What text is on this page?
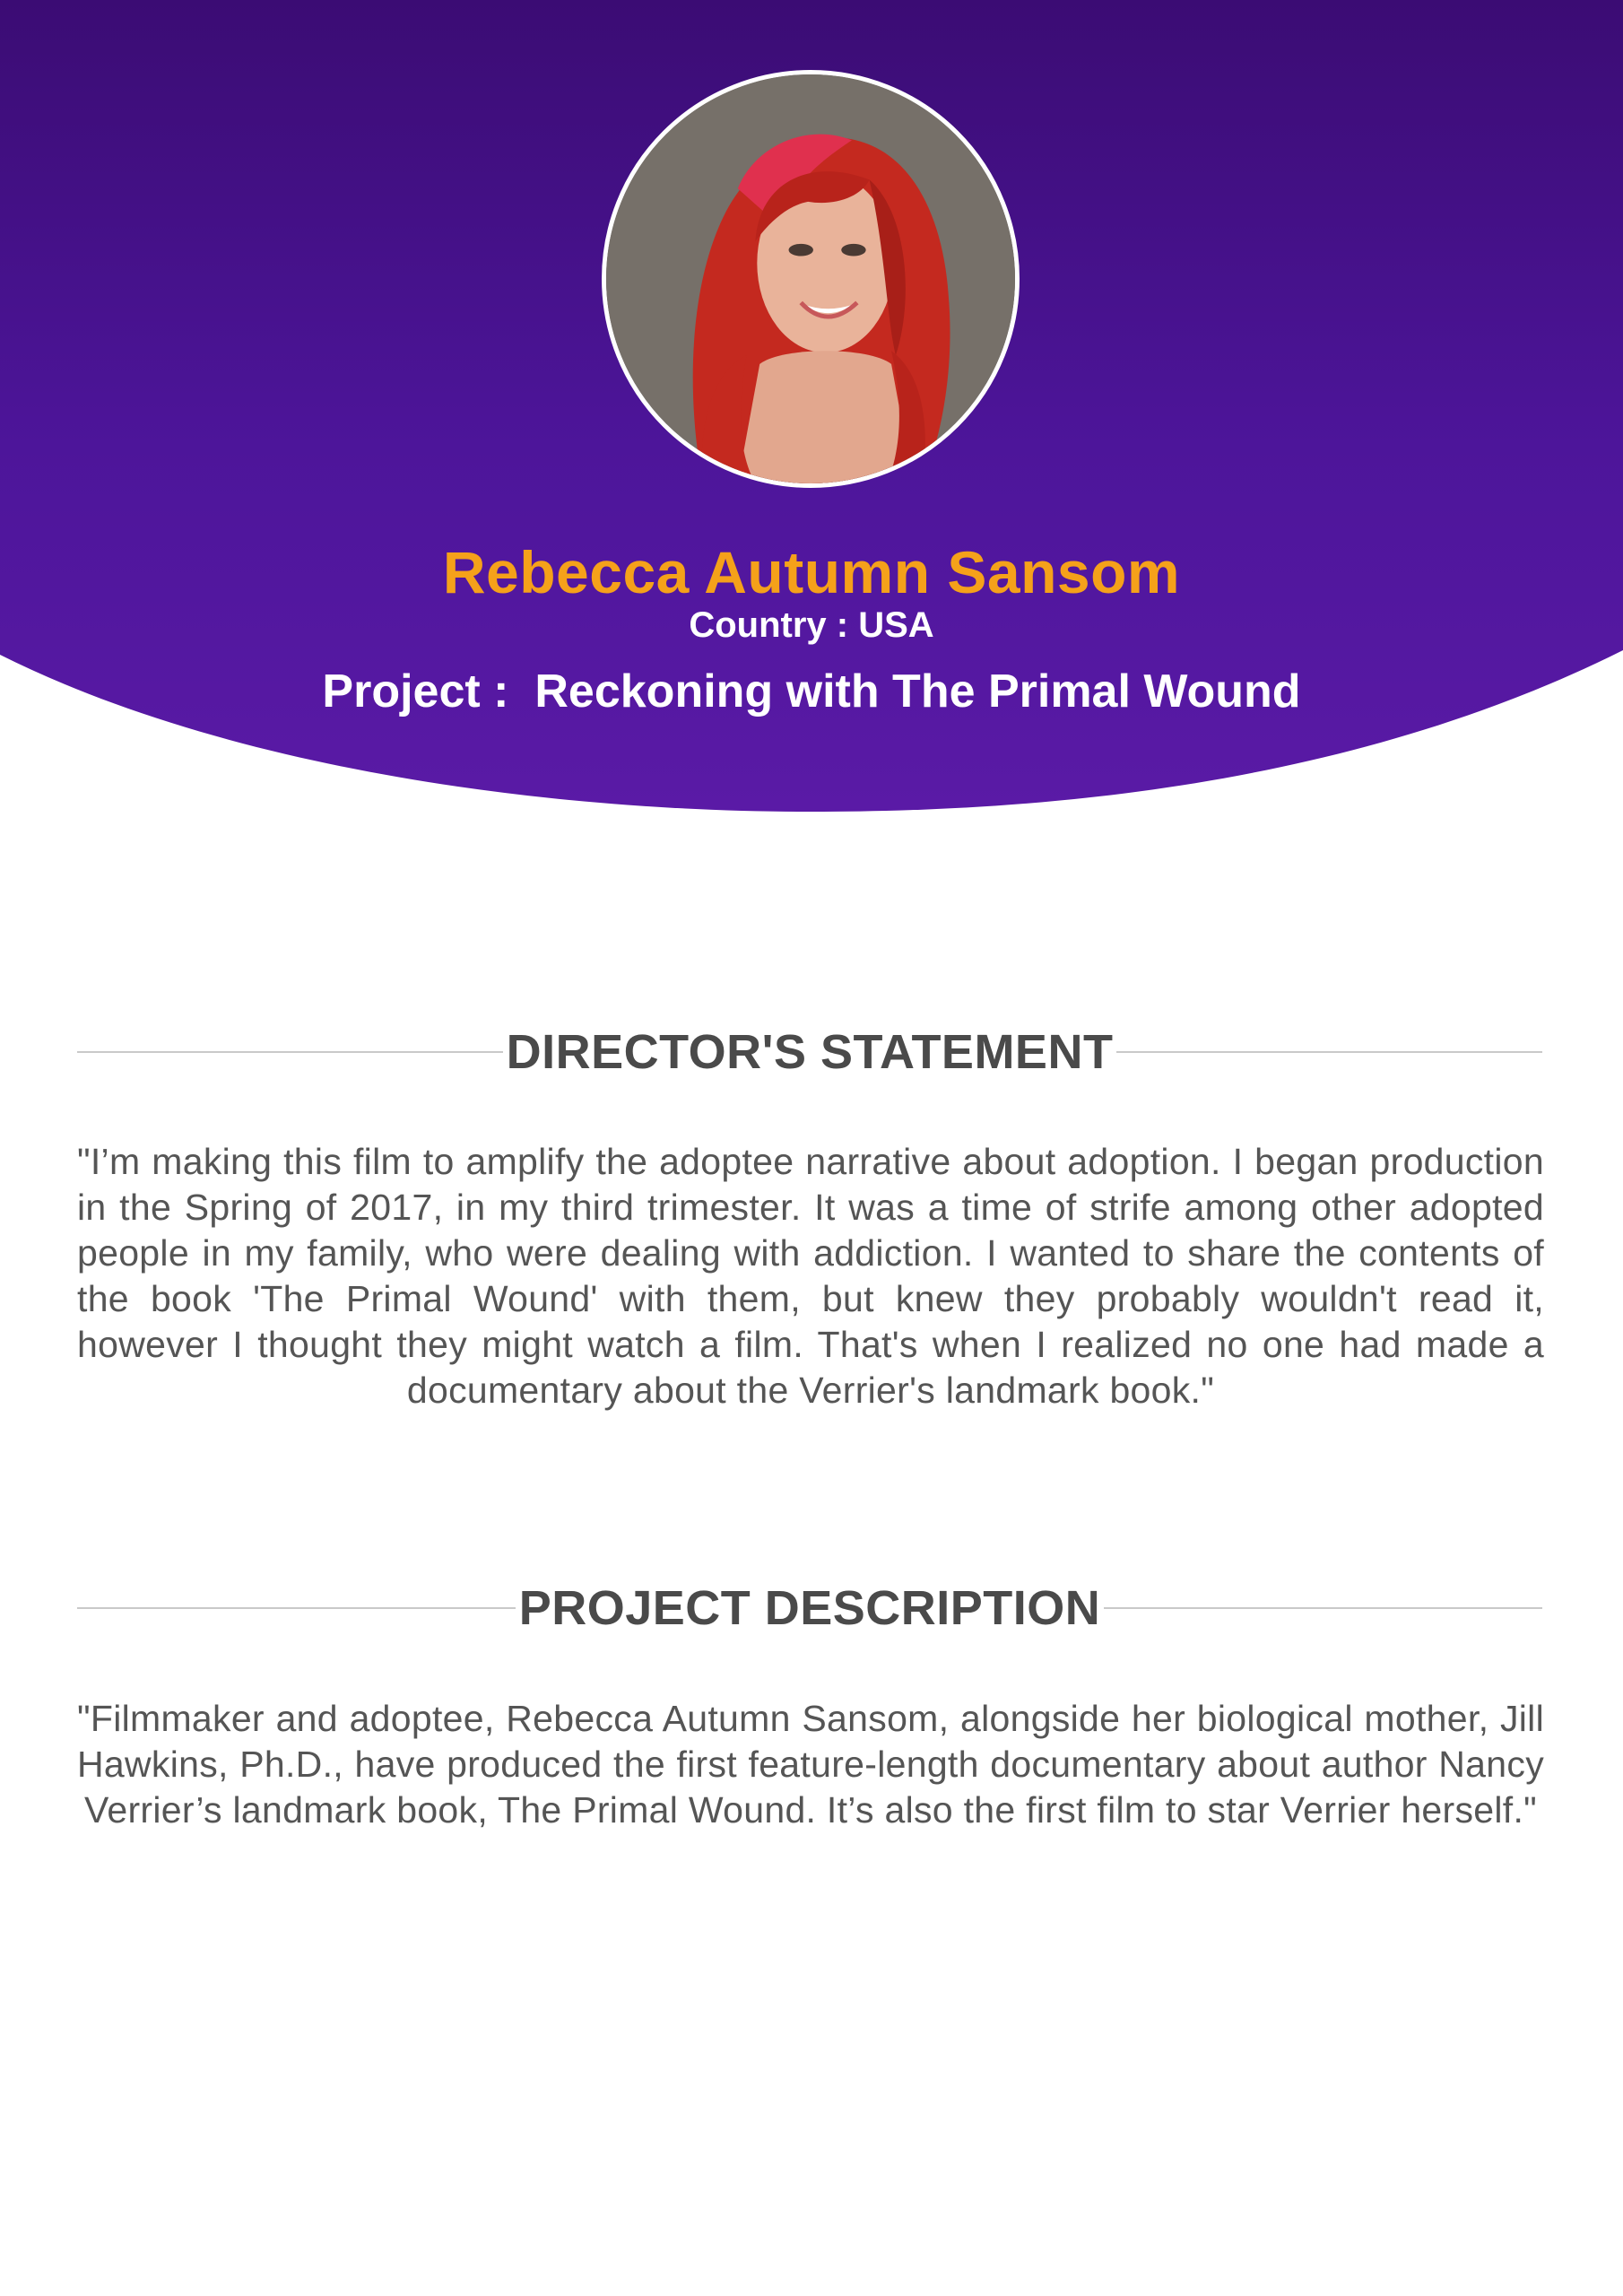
Rebecca Autumn Sansom
Country : USA
Project :  Reckoning with The Primal Wound
DIRECTOR'S STATEMENT
"I’m making this film to amplify the adoptee narrative about adoption. I began production in the Spring of 2017, in my third trimester. It was a time of strife among other adopted people in my family, who were dealing with addiction. I wanted to share the contents of the book 'The Primal Wound' with them, but knew they probably wouldn't read it, however I thought they might watch a film. That's when I realized no one had made a documentary about the Verrier's landmark book."
PROJECT DESCRIPTION
"Filmmaker and adoptee, Rebecca Autumn Sansom, alongside her biological mother, Jill Hawkins, Ph.D., have produced the first feature-length documentary about author Nancy Verrier’s landmark book, The Primal Wound. It’s also the first film to star Verrier herself."
